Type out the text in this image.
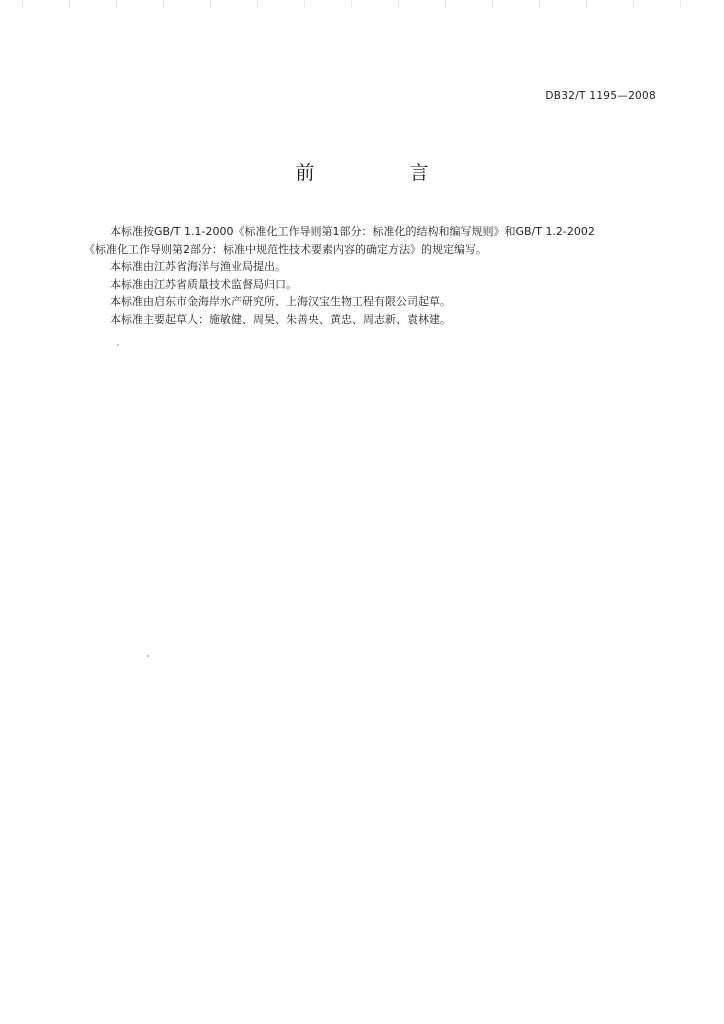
DB32/T 1195—2008
前　言

本标准按GB/T 1.1-2000《标准化工作导则第1部分：标准化的结构和编写规则》和GB/T 1.2-2002
《标准化工作导则第2部分：标准中规范性技术要素内容的确定方法》的规定编写。

本标准由江苏省海洋与渔业局提出。

本标准由江苏省质量技术监督局归口。

本标准由启东市金海岸水产研究所、上海汉宝生物工程有限公司起草。

本标准主要起草人：施敏健、周昊、朱善央、黄忠、周志新、袁林建。
